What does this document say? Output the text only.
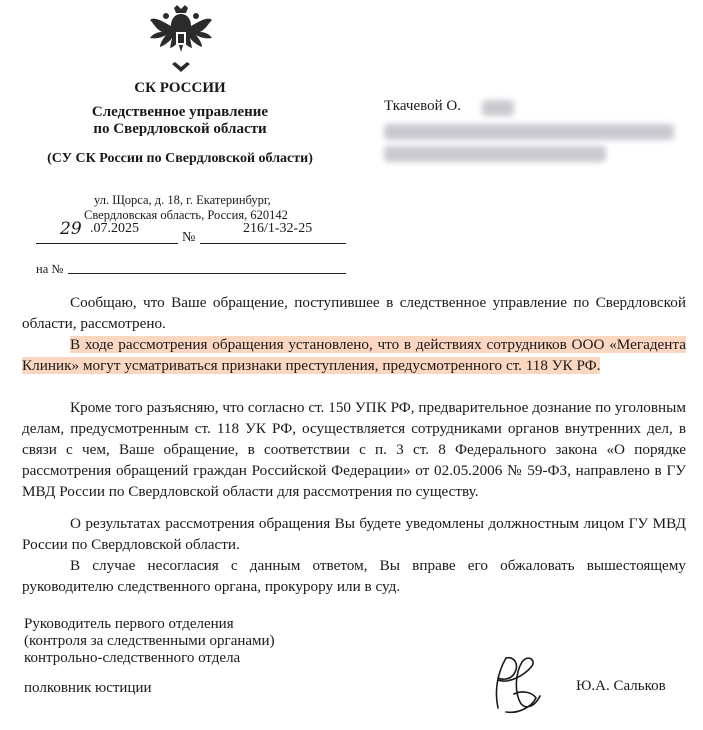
СК РОССИИ
Следственное управление
по Свердловской области
(СУ СК России по Свердловской области)
ул. Щорса, д. 18, г. Екатеринбург,
Свердловская область, Россия, 620142
29 .07.2025
№
216/1-32-25
на №
Ткачевой О.

Сообщаю, что Ваше обращение, поступившее в следственное управление по Свердловской области, рассмотрено.

В ходе рассмотрения обращения установлено, что в действиях сотрудников ООО «Мегадента Клиник» могут усматриваться признаки преступления, предусмотренного ст. 118 УК РФ.

Кроме того разъясняю, что согласно ст. 150 УПК РФ, предварительное дознание по уголовным делам, предусмотренным ст. 118 УК РФ, осуществляется сотрудниками органов внутренних дел, в связи с чем, Ваше обращение, в соответствии с п. 3 ст. 8 Федерального закона «О порядке рассмотрения обращений граждан Российской Федерации» от 02.05.2006 № 59-ФЗ, направлено в ГУ МВД России по Свердловской области для рассмотрения по существу.

О результатах рассмотрения обращения Вы будете уведомлены должностным лицом ГУ МВД России по Свердловской области.

В случае несогласия с данным ответом, Вы вправе его обжаловать вышестоящему руководителю следственного органа, прокурору или в суд.

Руководитель первого отделения
(контроля за следственными органами)
контрольно-следственного отдела
полковник юстиции	Ю.А. Сальков
